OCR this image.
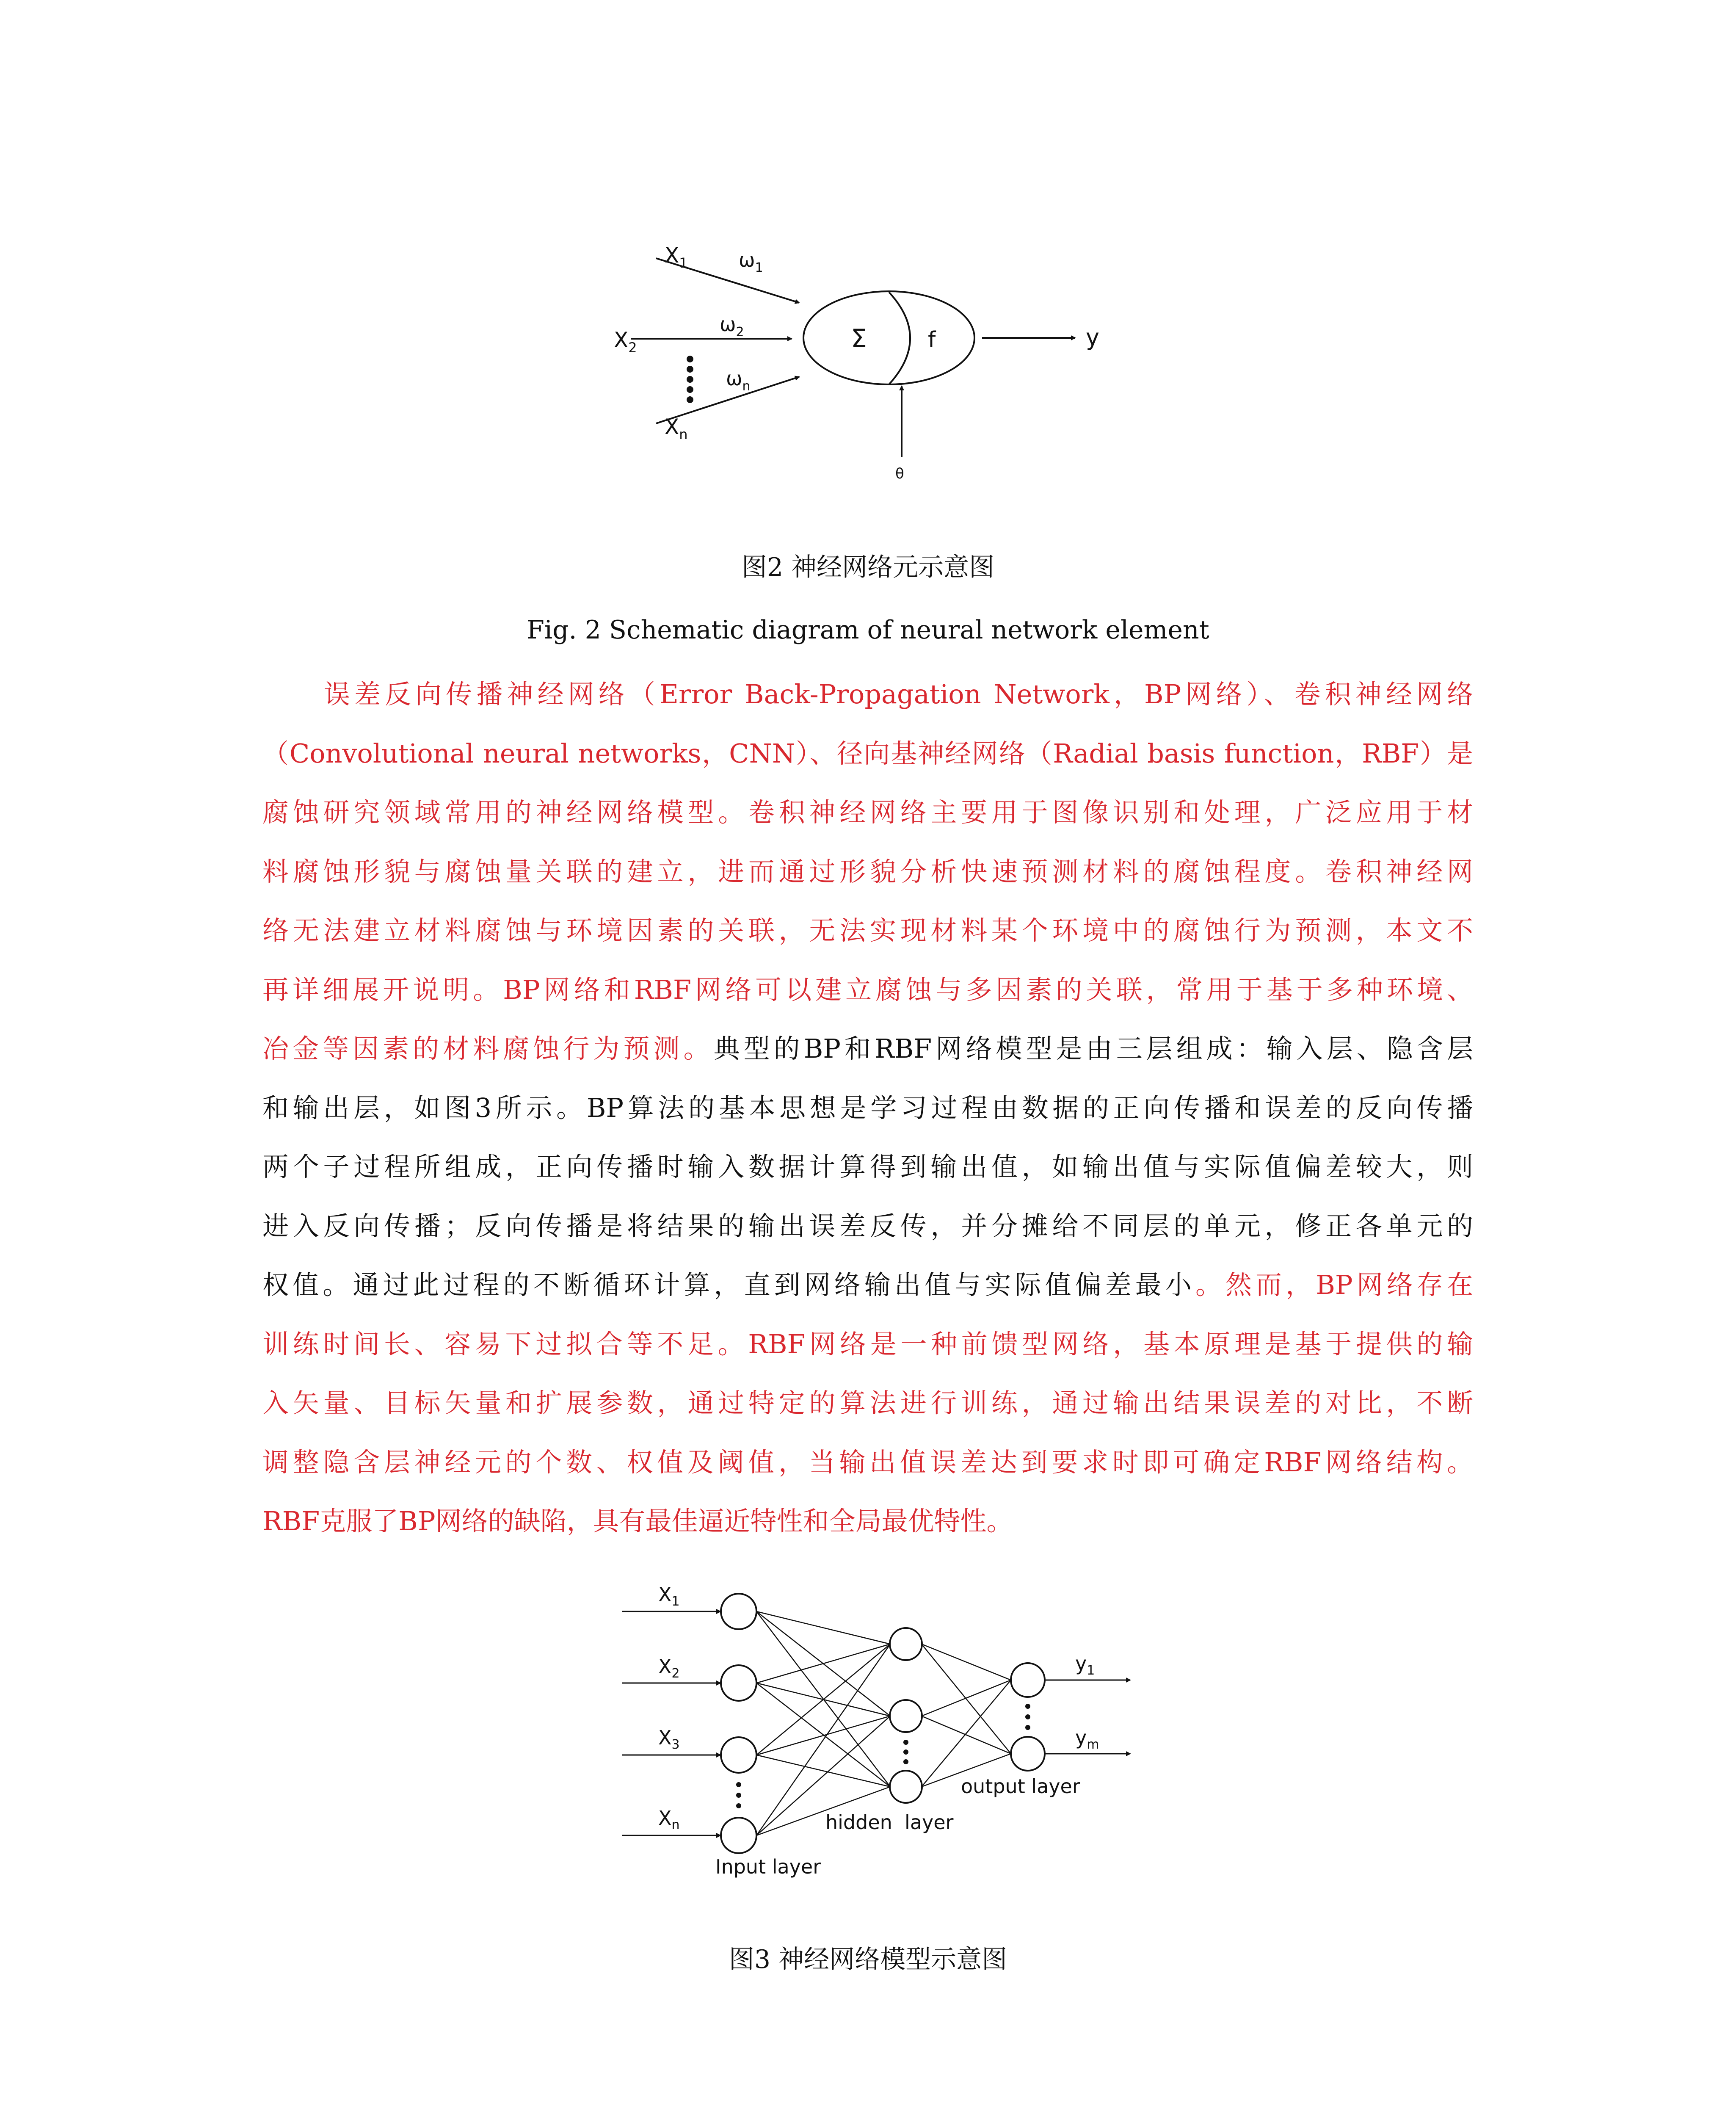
$X_1$
$X_2$
$X_n$
$\omega_1$
$\omega_2$
$\omega_n$
Σ	f	y
θ
图2 神经网络元示意图
Fig. 2 Schematic diagram of neural network element
误差反向传播神经网络（Error Back-Propagation Network，BP网络）、卷积神经网络
（Convolutional neural networks，CNN）、径向基神经网络（Radial basis function，RBF）是
腐蚀研究领域常用的神经网络模型。卷积神经网络主要用于图像识别和处理，广泛应用于材
料腐蚀形貌与腐蚀量关联的建立，进而通过形貌分析快速预测材料的腐蚀程度。卷积神经网
络无法建立材料腐蚀与环境因素的关联，无法实现材料某个环境中的腐蚀行为预测，本文不
再详细展开说明。BP网络和RBF网络可以建立腐蚀与多因素的关联，常用于基于多种环境、
冶金等因素的材料腐蚀行为预测。典型的BP和RBF网络模型是由三层组成：输入层、隐含层
和输出层，如图3所示。BP算法的基本思想是学习过程由数据的正向传播和误差的反向传播
两个子过程所组成，正向传播时输入数据计算得到输出值，如输出值与实际值偏差较大，则
进入反向传播；反向传播是将结果的输出误差反传，并分摊给不同层的单元，修正各单元的
权值。通过此过程的不断循环计算，直到网络输出值与实际值偏差最小。然而，BP网络存在
训练时间长、容易下过拟合等不足。RBF网络是一种前馈型网络，基本原理是基于提供的输
入矢量、目标矢量和扩展参数，通过特定的算法进行训练，通过输出结果误差的对比，不断
调整隐含层神经元的个数、权值及阈值，当输出值误差达到要求时即可确定RBF网络结构。
RBF克服了BP网络的缺陷，具有最佳逼近特性和全局最优特性。
$X_1$
$X_2$
$X_3$
$X_n$
$y_1$
$y_m$
Input layer
hidden  layer
output layer
图3 神经网络模型示意图
